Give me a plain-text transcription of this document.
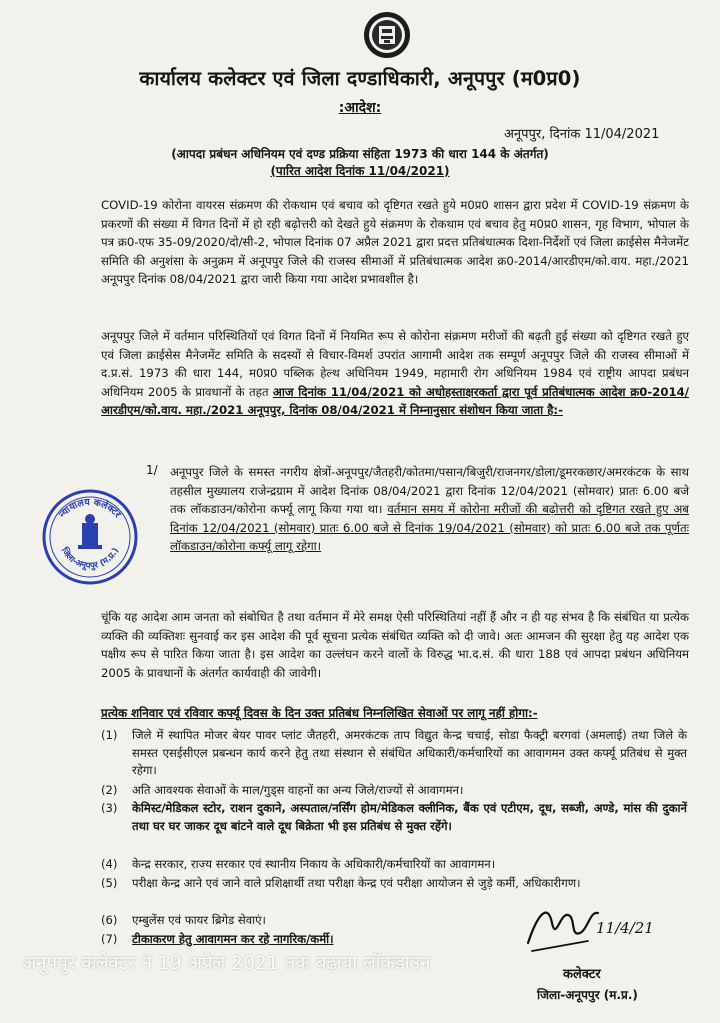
कार्यालय कलेक्टर एवं जिला दण्डाधिकारी, अनूपपुर (म0प्र0)
:आदेश:
अनूपपुर, दिनांक 11/04/2021
(आपदा प्रबंधन अधिनियम एवं दण्ड प्रक्रिया संहिता 1973 की धारा 144 के अंतर्गत)
(पारित आदेश दिनांक 11/04/2021)
COVID-19 कोरोना वायरस संक्रमण की रोकथाम एवं बचाव को दृष्टिगत रखते हुये म0प्र0 शासन द्वारा प्रदेश में COVID-19 संक्रमण के प्रकरणों की संख्या में विगत दिनों में हो रही बढ़ोत्तरी को देखते हुये संक्रमण के रोकथाम एवं बचाव हेतु म0प्र0 शासन, गृह विभाग, भोपाल के पत्र क्र0-एफ 35-09/2020/दो/सी-2, भोपाल दिनांक 07 अप्रैल 2021 द्वारा प्रदत्त प्रतिबंधात्मक दिशा-निर्देशों एवं जिला क्राईसेस मैनेजमेंट समिति की अनुशंसा के अनुक्रम में अनूपपुर जिले की राजस्व सीमाओं में प्रतिबंधात्मक आदेश क्र0-2014/आरडीएम/को.वाय. महा./2021 अनूपपुर दिनांक 08/04/2021 द्वारा जारी किया गया आदेश प्रभावशील है।
अनूपपुर जिले में वर्तमान परिस्थितियों एवं विगत दिनों में नियमित रूप से कोरोना संक्रमण मरीजों की बढ़ती हुई संख्या को दृष्टिगत रखते हुए एवं जिला क्राईसेस मैनेजमेंट समिति के सदस्यों से विचार-विमर्श उपरांत आगामी आदेश तक सम्पूर्ण अनूपपुर जिले की राजस्व सीमाओं में द.प्र.सं. 1973 की धारा 144, म0प्र0 पब्लिक हेल्थ अधिनियम 1949, महामारी रोग अधिनियम 1984 एवं राष्ट्रीय आपदा प्रबंधन अधिनियम 2005 के प्रावधानों के तहत आज दिनांक 11/04/2021 को अधोहस्ताक्षरकर्ता द्वारा पूर्व प्रतिबंधात्मक आदेश क्र0-2014/आरडीएम/को.वाय. महा./2021 अनूपपुर, दिनांक 08/04/2021 में निम्नानुसार संशोधन किया जाता है:-
1/ अनूपपुर जिले के समस्त नगरीय क्षेत्रों-अनूपपुर/जैतहरी/कोतमा/पसान/बिजुरी/राजनगर/डोला/डूमरकछार/अमरकंटक के साथ तहसील मुख्यालय राजेन्द्रग्राम में आदेश दिनांक 08/04/2021 द्वारा दिनांक 12/04/2021 (सोमवार) प्रातः 6.00 बजे तक लॉकडाउन/कोरोना कर्फ्यू लागू किया गया था। वर्तमान समय में कोरोना मरीजों की बढ़ोत्तरी को दृष्टिगत रखते हुए अब दिनांक 12/04/2021 (सोमवार) प्रातः 6.00 बजे से दिनांक 19/04/2021 (सोमवार) को प्रातः 6.00 बजे तक पूर्णतः लॉकडाउन/कोरोना कर्फ्यू लागू रहेगा।
न्यायालय कलेक्टर
जिला-अनूपपुर (म.प्र.)
चूंकि यह आदेश आम जनता को संबोधित है तथा वर्तमान में मेरे समक्ष ऐसी परिस्थितियां नहीं हैं और न ही यह संभव है कि संबंधित या प्रत्येक व्यक्ति की व्यक्तिशः सुनवाई कर इस आदेश की पूर्व सूचना प्रत्येक संबंधित व्यक्ति को दी जावे। अतः आमजन की सुरक्षा हेतु यह आदेश एक पक्षीय रूप से पारित किया जाता है। इस आदेश का उल्लंघन करने वालों के विरुद्ध भा.द.सं. की धारा 188 एवं आपदा प्रबंधन अधिनियम 2005 के प्रावधानों के अंतर्गत कार्यवाही की जावेगी।
प्रत्येक शनिवार एवं रविवार कर्फ्यू दिवस के दिन उक्त प्रतिबंध निम्नलिखित सेवाओं पर लागू नहीं होगा:-
(1) जिले में स्थापित मोजर बेयर पावर प्लांट जैतहरी, अमरकंटक ताप विद्युत केन्द्र चचाई, सोडा फैक्ट्री बरगवां (अमलाई) तथा जिले के समस्त एसईसीएल प्रबन्धन कार्य करने हेतु तथा संस्थान से संबंधित अधिकारी/कर्मचारियों का आवागमन उक्त कर्फ्यू प्रतिबंध से मुक्त रहेगा।
(2) अति आवश्यक सेवाओं के माल/गुड्स वाहनों का अन्य जिले/राज्यों से आवागमन।
(3) केमिस्ट/मेडिकल स्टोर, राशन दुकाने, अस्पताल/नर्सिंग होम/मेडिकल क्लीनिक, बैंक एवं एटीएम, दूध, सब्जी, अण्डे, मांस की दुकानें तथा घर घर जाकर दूध बांटने वाले दूध बिक्रेता भी इस प्रतिबंध से मुक्त रहेंगे।
(4) केन्द्र सरकार, राज्य सरकार एवं स्थानीय निकाय के अधिकारी/कर्मचारियों का आवागमन।
(5) परीक्षा केन्द्र आने एवं जाने वाले प्रशिक्षार्थी तथा परीक्षा केन्द्र एवं परीक्षा आयोजन से जुड़े कर्मी, अधिकारीगण।
(6) एम्बुलेंस एवं फायर ब्रिगेड सेवाएं।
(7) टीकाकरण हेतु आवागमन कर रहे नागरिक/कर्मी।
11/4/21
अनूपपुर कलेक्टर ने 19 अप्रैल 2021 तक बढ़ाया लॉकडाउन
कलेक्टर
जिला-अनूपपुर (म.प्र.)
